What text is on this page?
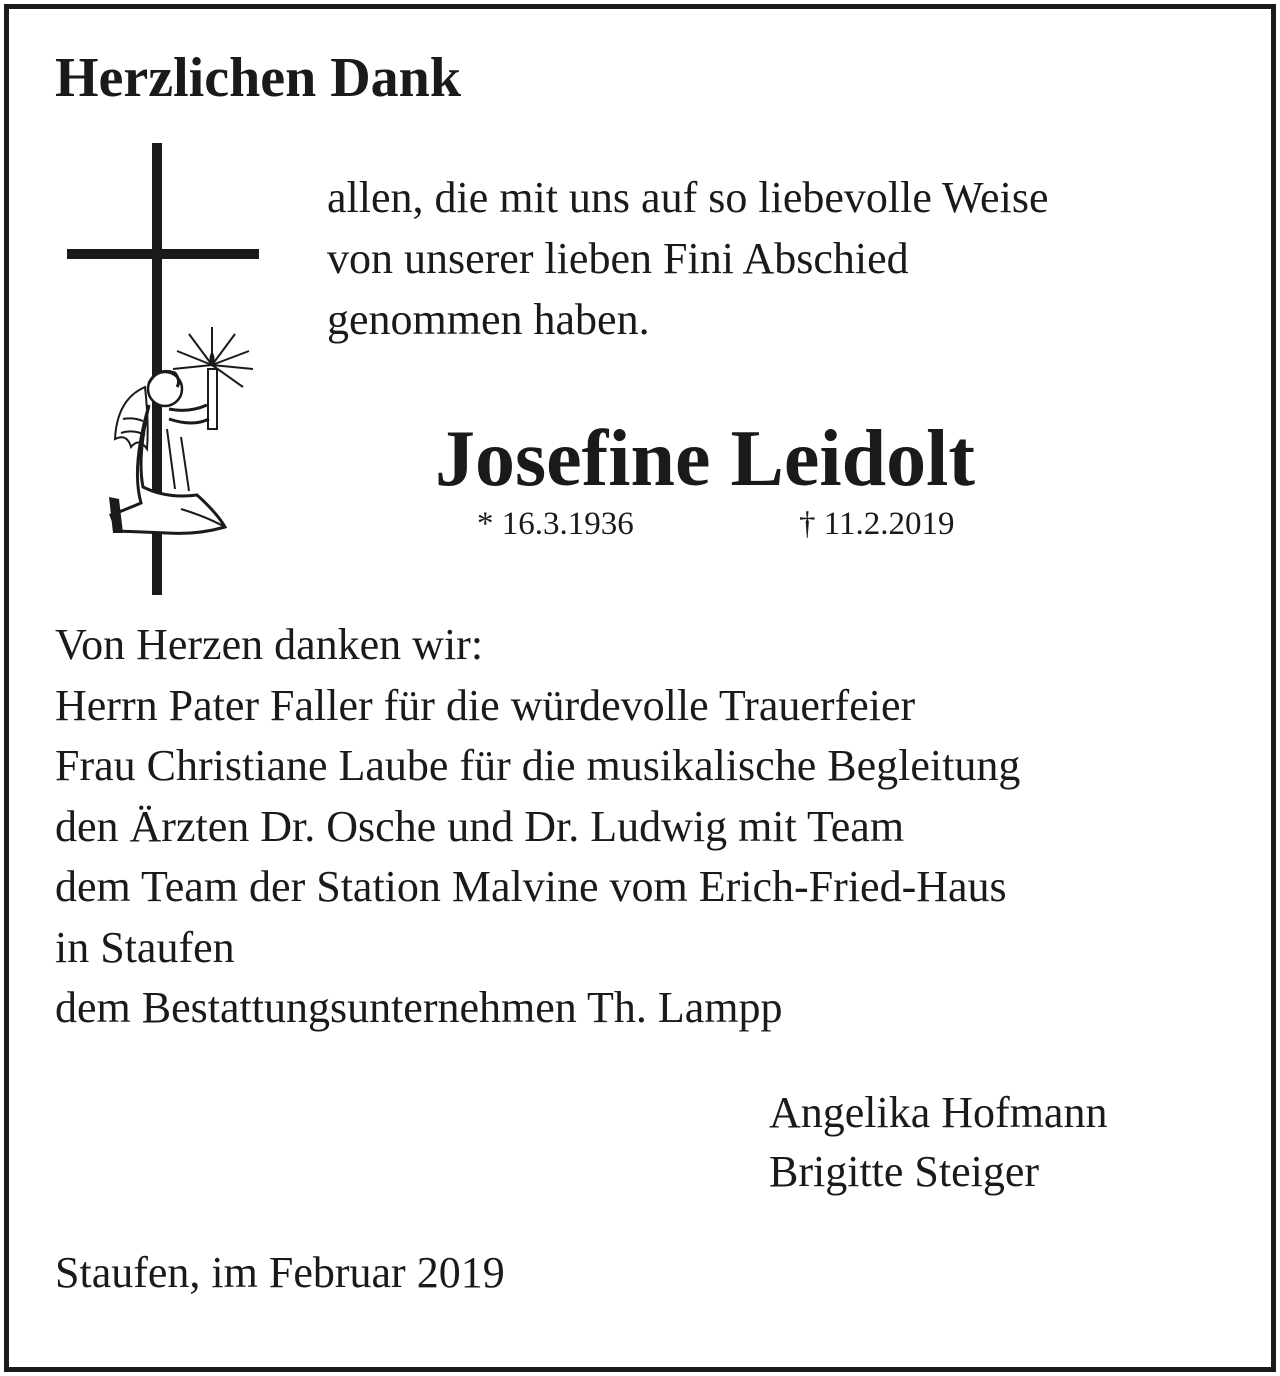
Herzlichen Dank
allen, die mit uns auf so liebevolle Weise
von unserer lieben Fini Abschied
genommen haben.
Josefine Leidolt
* 16.3.1936	† 11.2.2019
Von Herzen danken wir:
Herrn Pater Faller für die würdevolle Trauerfeier
Frau Christiane Laube für die musikalische Begleitung
den Ärzten Dr. Osche und Dr. Ludwig mit Team
dem Team der Station Malvine vom Erich-Fried-Haus
in Staufen
dem Bestattungsunternehmen Th. Lampp
Angelika Hofmann
Brigitte Steiger
Staufen, im Februar 2019
